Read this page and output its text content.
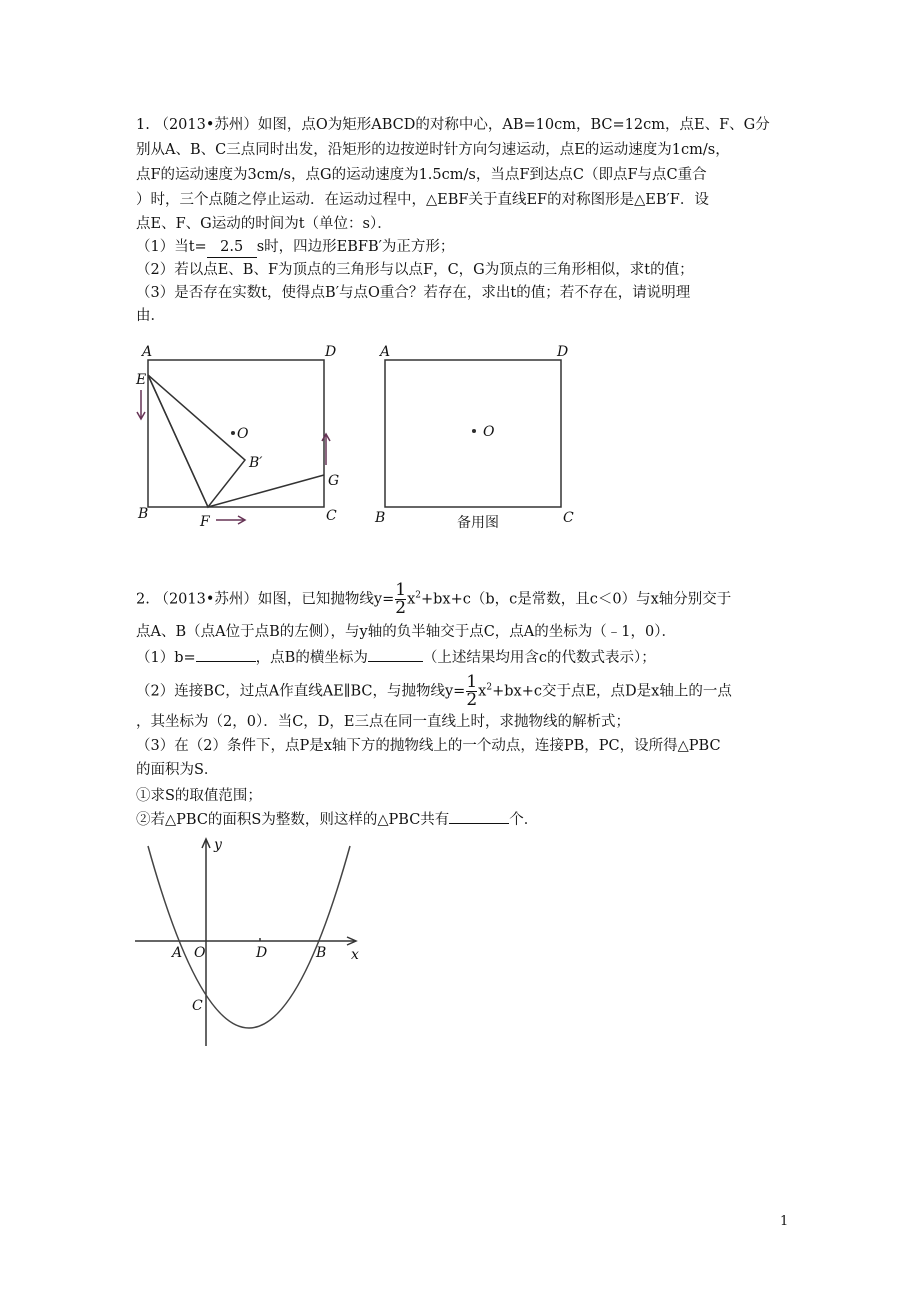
1. （2013•苏州）如图，点O为矩形ABCD的对称中心，AB=10cm，BC=12cm，点E、F、G分
别从A、B、C三点同时出发，沿矩形的边按逆时针方向匀速运动，点E的运动速度为1cm/s，
点F的运动速度为3cm/s，点G的运动速度为1.5cm/s，当点F到达点C（即点F与点C重合
）时，三个点随之停止运动．在运动过程中，△EBF关于直线EF的对称图形是△EB′F．设
点E、F、G运动的时间为t（单位：s）．
（1）当t= 2.5 s时，四边形EBFB′为正方形；
（2）若以点E、B、F为顶点的三角形与以点F，C，G为顶点的三角形相似，求t的值；
（3）是否存在实数t，使得点B′与点O重合？若存在，求出t的值；若不存在，请说明理
由．
A	D
E
O
B′
G
B	F	C
A	D
O
B	C
备用图
A O	D	B x
y
C
2. （2013•苏州）如图，已知抛物线$y= \frac{1}{2} x^2+bx+c(b$，c是常数，且c＜0）与x轴分别交于
点A、B（点A位于点B的左侧），与y轴的负半轴交于点C，点A的坐标为（﹣1，0）．
（1）b=	，点B的横坐标为	（上述结果均用含c的代数式表示）；
（2）连接BC，过点A作直线AE∥BC，与抛物线$y= \frac{1}{2} x^2+bx+c$交于点E，点D是x轴上的一点
，其坐标为（2，0）．当C，D，E三点在同一直线上时，求抛物线的解析式；
（3）在（2）条件下，点P是x轴下方的抛物线上的一个动点，连接PB，PC，设所得△PBC
的面积为S．
①求S的取值范围；
②若△PBC的面积S为整数，则这样的△PBC共有	个．
1
